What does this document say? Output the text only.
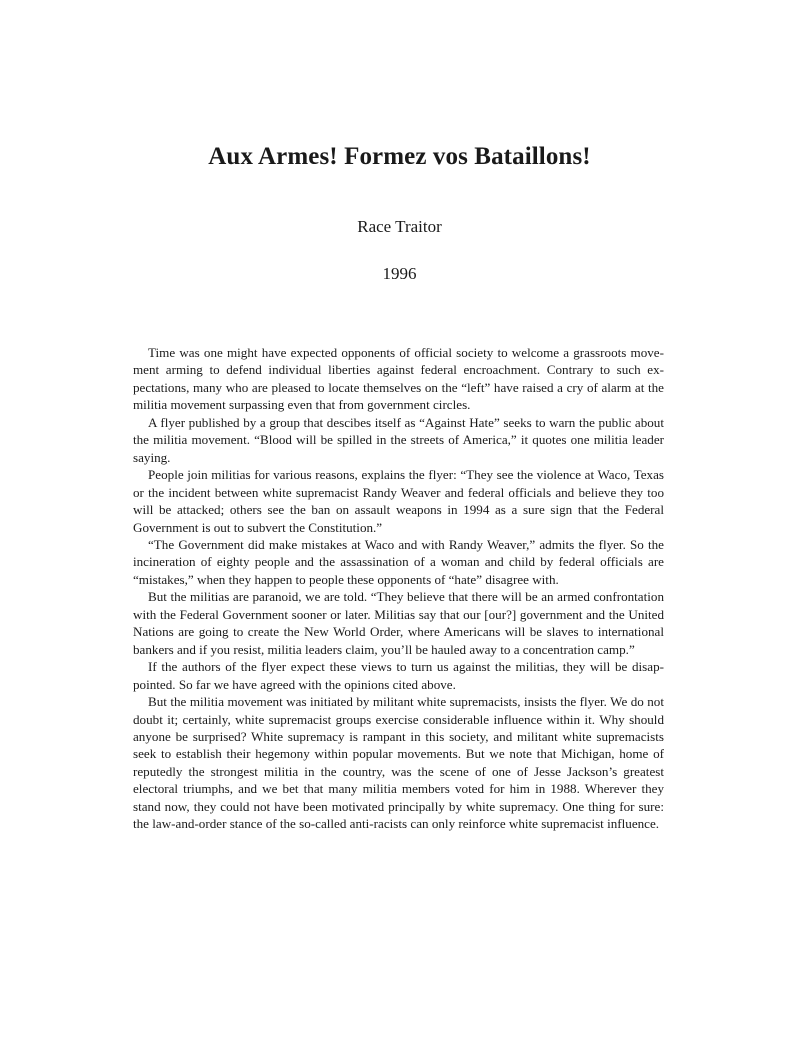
Aux Armes! Formez vos Bataillons!
Race Traitor
1996

Time was one might have expected opponents of official society to welcome a grassroots movement arming to defend individual liberties against federal encroachment. Contrary to such expectations, many who are pleased to locate themselves on the “left” have raised a cry of alarm at the militia movement surpassing even that from government circles.

A flyer published by a group that descibes itself as “Against Hate” seeks to warn the public about the militia movement. “Blood will be spilled in the streets of America,” it quotes one militia leader saying.

People join militias for various reasons, explains the flyer: “They see the violence at Waco, Texas or the incident between white supremacist Randy Weaver and federal officials and believe they too will be attacked; others see the ban on assault weapons in 1994 as a sure sign that the Federal Government is out to subvert the Constitution.”

“The Government did make mistakes at Waco and with Randy Weaver,” admits the flyer. So the incineration of eighty people and the assassination of a woman and child by federal officials are “mistakes,” when they happen to people these opponents of “hate” disagree with.

But the militias are paranoid, we are told. “They believe that there will be an armed confrontation with the Federal Government sooner or later. Militias say that our [our?] government and the United Nations are going to create the New World Order, where Americans will be slaves to international bankers and if you resist, militia leaders claim, you’ll be hauled away to a concentration camp.”

If the authors of the flyer expect these views to turn us against the militias, they will be disappointed. So far we have agreed with the opinions cited above.

But the militia movement was initiated by militant white supremacists, insists the flyer. We do not doubt it; certainly, white supremacist groups exercise considerable influence within it. Why should anyone be surprised? White supremacy is rampant in this society, and militant white supremacists seek to establish their hegemony within popular movements. But we note that Michigan, home of reputedly the strongest militia in the country, was the scene of one of Jesse Jackson’s greatest electoral triumphs, and we bet that many militia members voted for him in 1988. Wherever they stand now, they could not have been motivated principally by white supremacy. One thing for sure: the law-and-order stance of the so-called anti-racists can only reinforce white supremacist influence.
